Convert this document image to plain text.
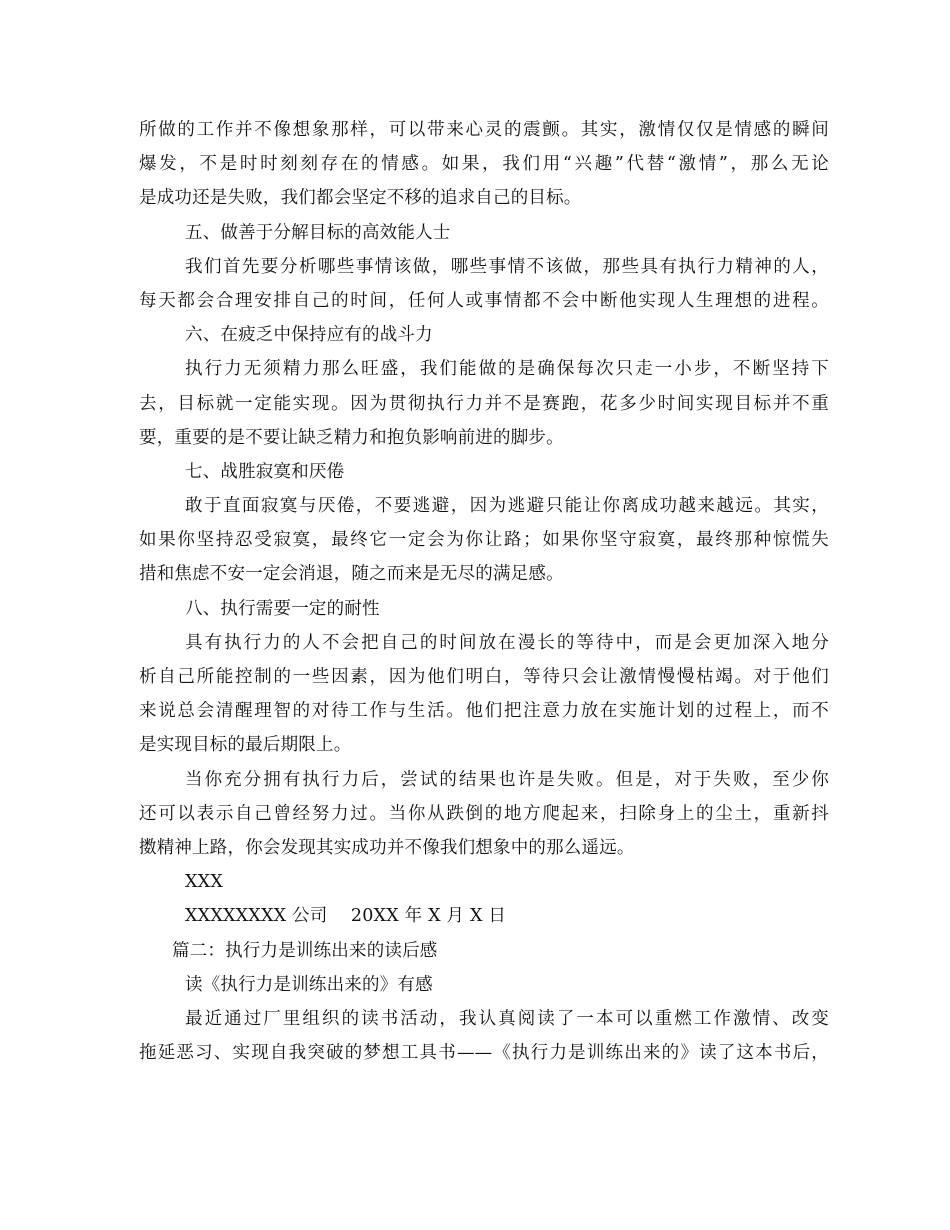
所做的工作并不像想象那样，可以带来心灵的震颤。其实，激情仅仅是情感的瞬间
爆发，不是时时刻刻存在的情感。如果，我们用“兴趣”代替“激情”，那么无论
是成功还是失败，我们都会坚定不移的追求自己的目标。
五、做善于分解目标的高效能人士
我们首先要分析哪些事情该做，哪些事情不该做，那些具有执行力精神的人，
每天都会合理安排自己的时间，任何人或事情都不会中断他实现人生理想的进程。
六、在疲乏中保持应有的战斗力
执行力无须精力那么旺盛，我们能做的是确保每次只走一小步，不断坚持下
去，目标就一定能实现。因为贯彻执行力并不是赛跑，花多少时间实现目标并不重
要，重要的是不要让缺乏精力和抱负影响前进的脚步。
七、战胜寂寞和厌倦
敢于直面寂寞与厌倦，不要逃避，因为逃避只能让你离成功越来越远。其实，
如果你坚持忍受寂寞，最终它一定会为你让路；如果你坚守寂寞，最终那种惊慌失
措和焦虑不安一定会消退，随之而来是无尽的满足感。
八、执行需要一定的耐性
具有执行力的人不会把自己的时间放在漫长的等待中，而是会更加深入地分
析自己所能控制的一些因素，因为他们明白，等待只会让激情慢慢枯竭。对于他们
来说总会清醒理智的对待工作与生活。他们把注意力放在实施计划的过程上，而不
是实现目标的最后期限上。
当你充分拥有执行力后，尝试的结果也许是失败。但是，对于失败，至少你
还可以表示自己曾经努力过。当你从跌倒的地方爬起来，扫除身上的尘土，重新抖
擞精神上路，你会发现其实成功并不像我们想象中的那么遥远。
XXX
XXXXXXXX 公司　 20XX 年 X 月 X 日
篇二：执行力是训练出来的读后感
读《执行力是训练出来的》有感
最近通过厂里组织的读书活动，我认真阅读了一本可以重燃工作激情、改变
拖延恶习、实现自我突破的梦想工具书——《执行力是训练出来的》读了这本书后，
